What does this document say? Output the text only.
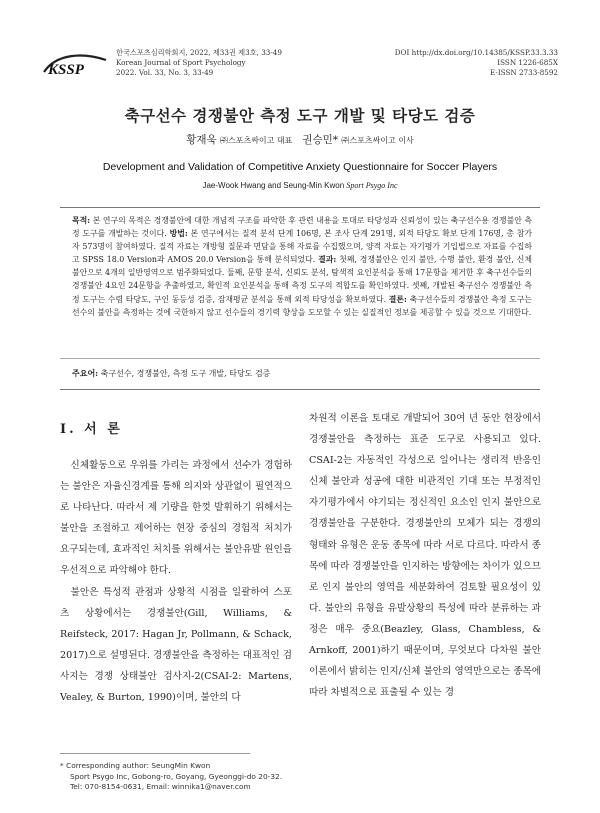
KSSP
한국스포츠심리학회지, 2022, 제33권 제3호, 33-49
Korean Journal of Sport Psychology
2022. Vol. 33, No. 3, 33-49
DOI http://dx.doi.org/10.14385/KSSP.33.3.33
ISSN 1226-685X
E-ISSN 2733-8592
축구선수 경쟁불안 측정 도구 개발 및 타당도 검증
황재욱 ㈜스포츠싸이고 대표 권승민* ㈜스포츠싸이고 이사
Development and Validation of Competitive Anxiety Questionnaire for Soccer Players
Jae-Wook Hwang and Seung-Min Kwon Sport Psygo Inc
목적: 본 연구의 목적은 경쟁불안에 대한 개념적 구조를 파악한 후 관련 내용을 토대로 타당성과 신뢰성이 있는 축구선수용 경쟁불안 측정 도구를 개발하는 것이다. 방법: 본 연구에서는 질적 분석 단계 106명, 본 조사 단계 291명, 외적 타당도 확보 단계 176명, 총 참가자 573명이 참여하였다. 질적 자료는 개방형 질문과 면담을 통해 자료를 수집했으며, 양적 자료는 자기평가 기입법으로 자료를 수집하고 SPSS 18.0 Version과 AMOS 20.0 Version을 통해 분석되었다. 결과: 첫째, 경쟁불안은 인지 불안, 수행 불안, 환경 불안, 신체 불안으로 4개의 일반영역으로 범주화되었다. 둘째, 문항 분석, 신뢰도 분석, 탐색적 요인분석을 통해 17문항을 제거한 후 축구선수들의 경쟁불안 4요인 24문항을 추출하였고, 확인적 요인분석을 통해 측정 도구의 적합도를 확인하였다. 셋째, 개발된 축구선수 경쟁불안 측정 도구는 수렴 타당도, 구인 동등성 검증, 잠재평균 분석을 통해 외적 타당성을 확보하였다. 결론: 축구선수들의 경쟁불안 측정 도구는 선수의 불안을 측정하는 것에 국한하지 않고 선수들의 경기력 향상을 도모할 수 있는 실질적인 정보를 제공할 수 있을 것으로 기대한다.
주요어: 축구선수, 경쟁불안, 측정 도구 개발, 타당도 검증
I. 서 론

신체활동으로 우위를 가리는 과정에서 선수가 경험하는 불안은 자율신경계를 통해 의지와 상관없이 필연적으로 나타난다. 따라서 제 기량을 한껏 발휘하기 위해서는 불안을 조절하고 제어하는 현장 중심의 경험적 처치가 요구되는데, 효과적인 처치를 위해서는 불안유발 원인을 우선적으로 파악해야 한다.

불안은 특성적 관점과 상황적 시점을 일괄하여 스포츠 상황에서는 경쟁불안(Gill, Williams, & Reifsteck, 2017: Hagan Jr, Pollmann, & Schack, 2017)으로 설명된다. 경쟁불안을 측정하는 대표적인 검사지는 경쟁 상태불안 검사지-2(CSAI-2: Martens, Vealey, & Burton, 1990)이며, 불안의 다

차원적 이론을 토대로 개발되어 30여 년 동안 현장에서 경쟁불안을 측정하는 표준 도구로 사용되고 있다. CSAI-2는 자동적인 각성으로 일어나는 생리적 반응인 신체 불안과 성공에 대한 비관적인 기대 또는 부정적인 자기평가에서 야기되는 정신적인 요소인 인지 불안으로 경쟁불안을 구분한다. 경쟁불안의 모체가 되는 경쟁의 형태와 유형은 운동 종목에 따라 서로 다르다. 따라서 종목에 따라 경쟁불안을 인지하는 방향에는 차이가 있으므로 인지 불안의 영역을 세분화하여 검토할 필요성이 있다. 불안의 유형을 유발상황의 특성에 따라 분류하는 과정은 매우 중요(Beazley, Glass, Chambless, & Arnkoff, 2001)하기 때문이며, 무엇보다 다차원 불안이론에서 밝히는 인지/신체 불안의 영역만으로는 종목에 따라 차별적으로 표출될 수 있는 경
* Corresponding author: SeungMin Kwon
Sport Psygo Inc, Gobong-ro, Goyang, Gyeonggi-do 20-32.
Tel: 070-8154-0631, Email: winnika1@naver.com
